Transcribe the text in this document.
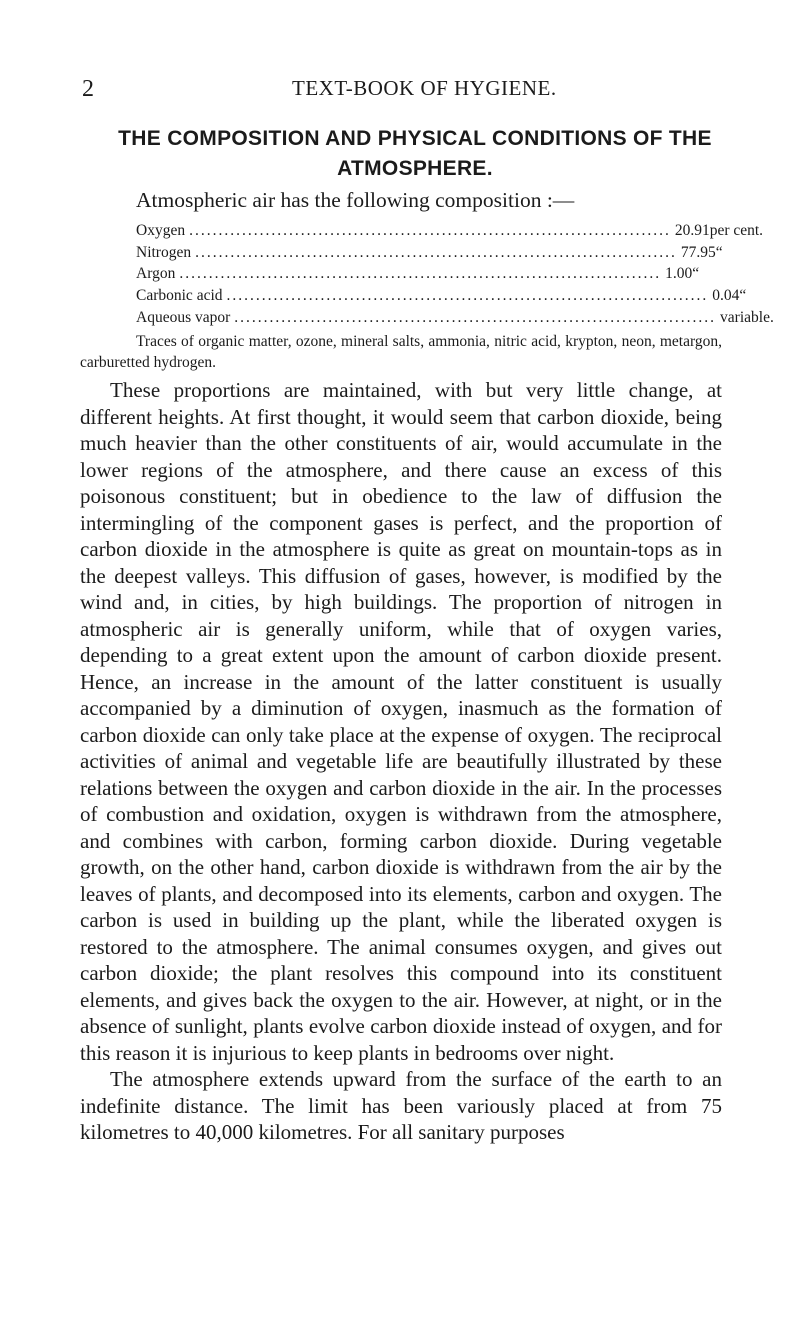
2	TEXT-BOOK OF HYGIENE.
THE COMPOSITION AND PHYSICAL CONDITIONS OF THE
ATMOSPHERE.
Atmospheric air has the following composition :—
Oxygen .................................................................................. 20.91 per cent.
Nitrogen .................................................................................. 77.95 “
Argon .................................................................................. 1.00 “
Carbonic acid .................................................................................. 0.04 “
Aqueous vapor .................................................................................. variable.
Traces of organic matter, ozone, mineral salts, ammonia, nitric acid, krypton, neon, metargon, carburetted hydrogen.

These proportions are maintained, with but very little change, at different heights. At first thought, it would seem that carbon dioxide, being much heavier than the other constituents of air, would accumulate in the lower regions of the atmosphere, and there cause an excess of this poisonous constituent; but in obedience to the law of diffusion the intermingling of the component gases is perfect, and the proportion of carbon dioxide in the atmosphere is quite as great on mountain-tops as in the deepest valleys. This diffusion of gases, however, is modified by the wind and, in cities, by high buildings. The proportion of nitrogen in atmospheric air is generally uniform, while that of oxygen varies, depending to a great extent upon the amount of carbon dioxide present. Hence, an increase in the amount of the latter constituent is usually accompanied by a diminution of oxygen, inasmuch as the formation of carbon dioxide can only take place at the expense of oxygen. The reciprocal activities of animal and vegetable life are beautifully illustrated by these relations between the oxygen and carbon dioxide in the air. In the processes of combustion and oxidation, oxygen is withdrawn from the atmosphere, and combines with carbon, forming carbon dioxide. During vegetable growth, on the other hand, carbon dioxide is withdrawn from the air by the leaves of plants, and decomposed into its elements, carbon and oxygen. The carbon is used in building up the plant, while the liberated oxygen is restored to the atmosphere. The animal consumes oxygen, and gives out carbon dioxide; the plant resolves this compound into its constituent elements, and gives back the oxygen to the air. However, at night, or in the absence of sunlight, plants evolve carbon dioxide instead of oxygen, and for this reason it is injurious to keep plants in bedrooms over night.

The atmosphere extends upward from the surface of the earth to an indefinite distance. The limit has been variously placed at from 75 kilometres to 40,000 kilometres. For all sanitary purposes
